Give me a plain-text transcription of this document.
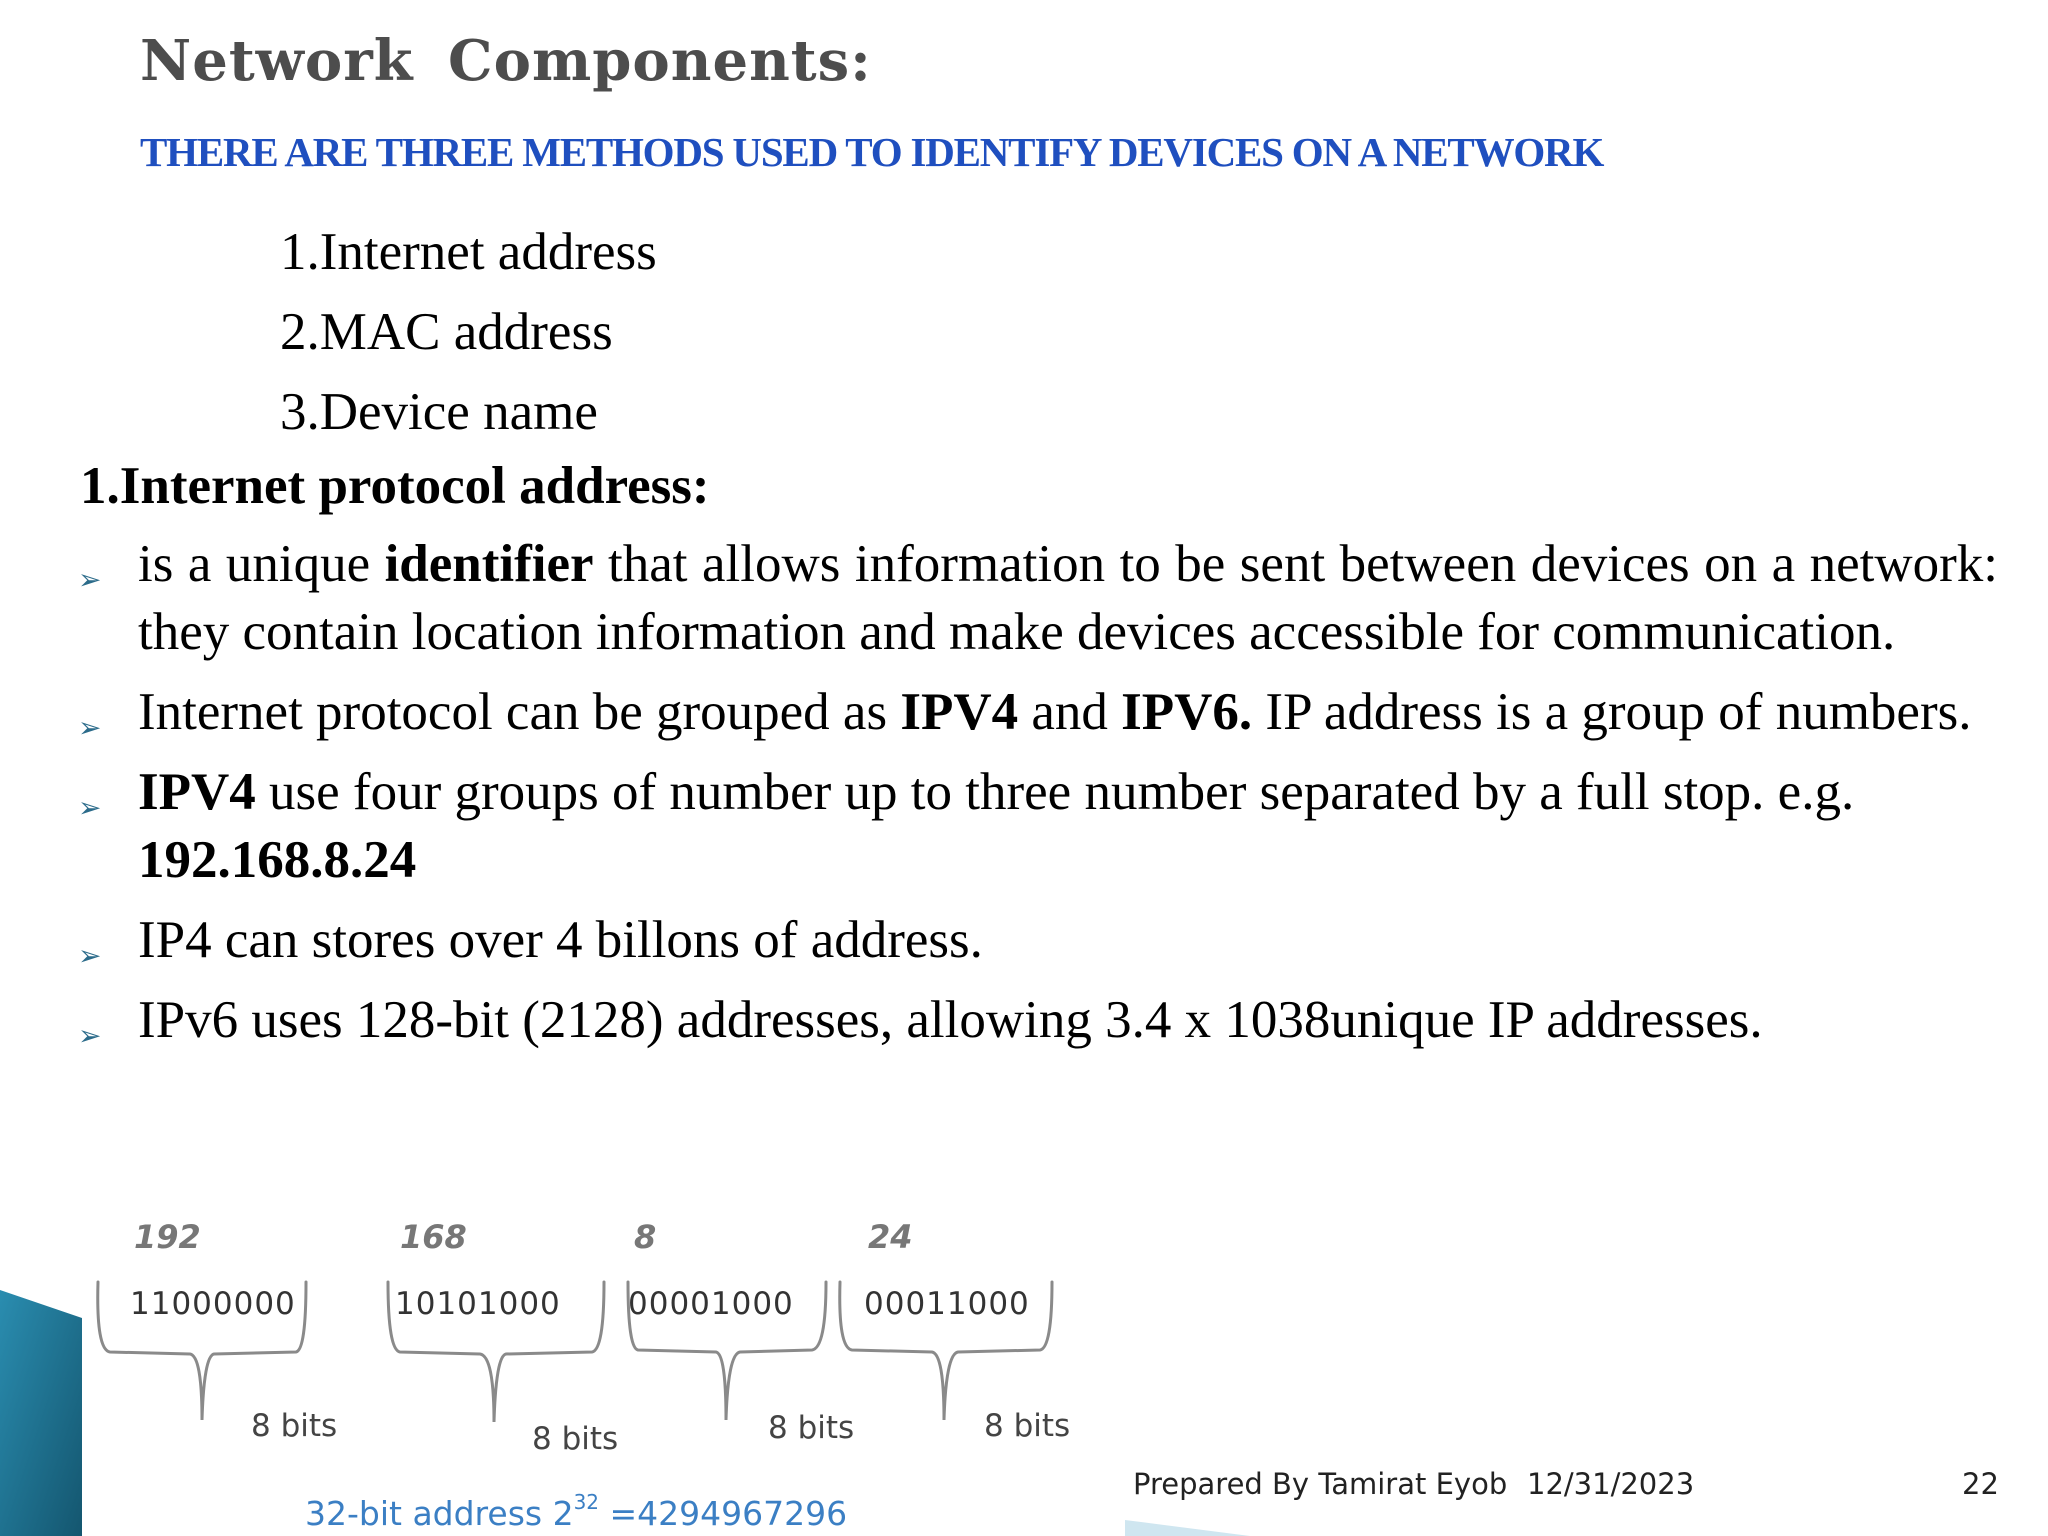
Network Components:
THERE ARE THREE METHODS USED TO IDENTIFY DEVICES ON A NETWORK
1.Internet address
2.MAC address
3.Device name
1.Internet protocol address:
➢ is a unique identifier that allows information to be sent between devices on a network: they contain location information and make devices accessible for communication.
➢ Internet protocol can be grouped as IPV4 and IPV6. IP address is a group of numbers.
➢ IPV4 use four groups of number up to three number separated by a full stop. e.g. 192.168.8.24
➢ IP4 can stores over 4 billons of address.
➢ IPv6 uses 128-bit (2128) addresses, allowing 3.4 x 1038unique IP addresses.
192	168	8	24
11000000	10101000 00001000 00011000
8 bits	8 bits	8 bits	8 bits
32-bit address $2^{32} =4294967296$
Prepared By Tamirat Eyob 12/31/2023	22
